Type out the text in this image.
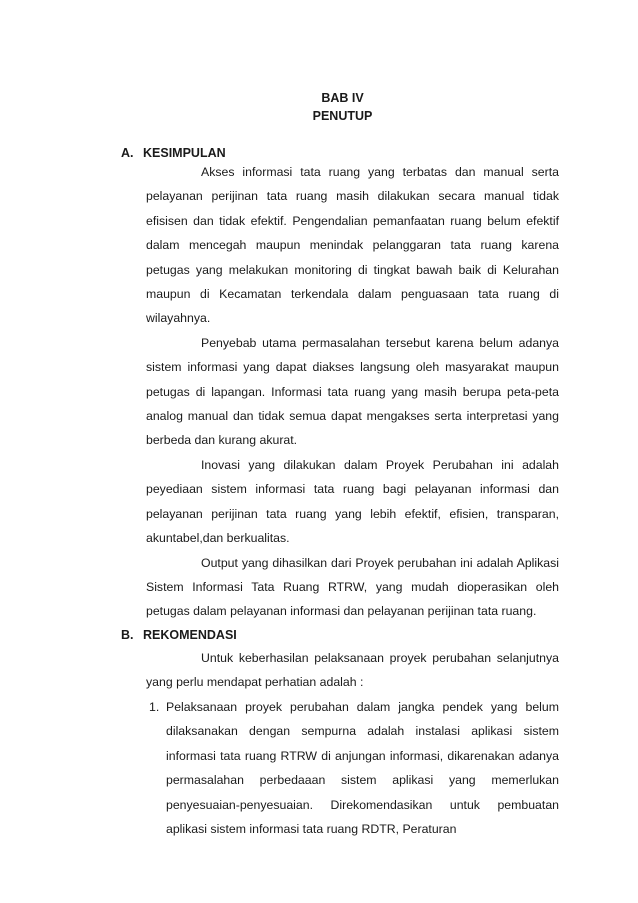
BAB IV
PENUTUP
A. KESIMPULAN

Akses informasi tata ruang yang terbatas dan manual serta pelayanan perijinan tata ruang masih dilakukan secara manual tidak efisisen dan tidak efektif. Pengendalian pemanfaatan ruang belum efektif dalam mencegah maupun menindak pelanggaran tata ruang karena petugas yang melakukan monitoring di tingkat bawah baik di Kelurahan maupun di Kecamatan terkendala dalam penguasaan tata ruang di wilayahnya.

Penyebab utama permasalahan tersebut karena belum adanya sistem informasi yang dapat diakses langsung oleh masyarakat maupun petugas di lapangan. Informasi tata ruang yang masih berupa peta-peta analog manual dan tidak semua dapat mengakses serta interpretasi yang berbeda dan kurang akurat.

Inovasi yang dilakukan dalam Proyek Perubahan ini adalah peyediaan sistem informasi tata ruang bagi pelayanan informasi dan pelayanan perijinan tata ruang yang lebih efektif, efisien, transparan, akuntabel,dan berkualitas.

Output yang dihasilkan dari Proyek perubahan ini adalah Aplikasi Sistem Informasi Tata Ruang RTRW, yang mudah dioperasikan oleh petugas dalam pelayanan informasi dan pelayanan perijinan tata ruang.

B. REKOMENDASI

Untuk keberhasilan pelaksanaan proyek perubahan selanjutnya yang perlu mendapat perhatian adalah :

1. Pelaksanaan proyek perubahan dalam jangka pendek yang belum dilaksanakan dengan sempurna adalah instalasi aplikasi sistem informasi tata ruang RTRW di anjungan informasi, dikarenakan adanya permasalahan perbedaaan sistem aplikasi yang memerlukan penyesuaian-penyesuaian. Direkomendasikan untuk pembuatan aplikasi sistem informasi tata ruang RDTR, Peraturan
